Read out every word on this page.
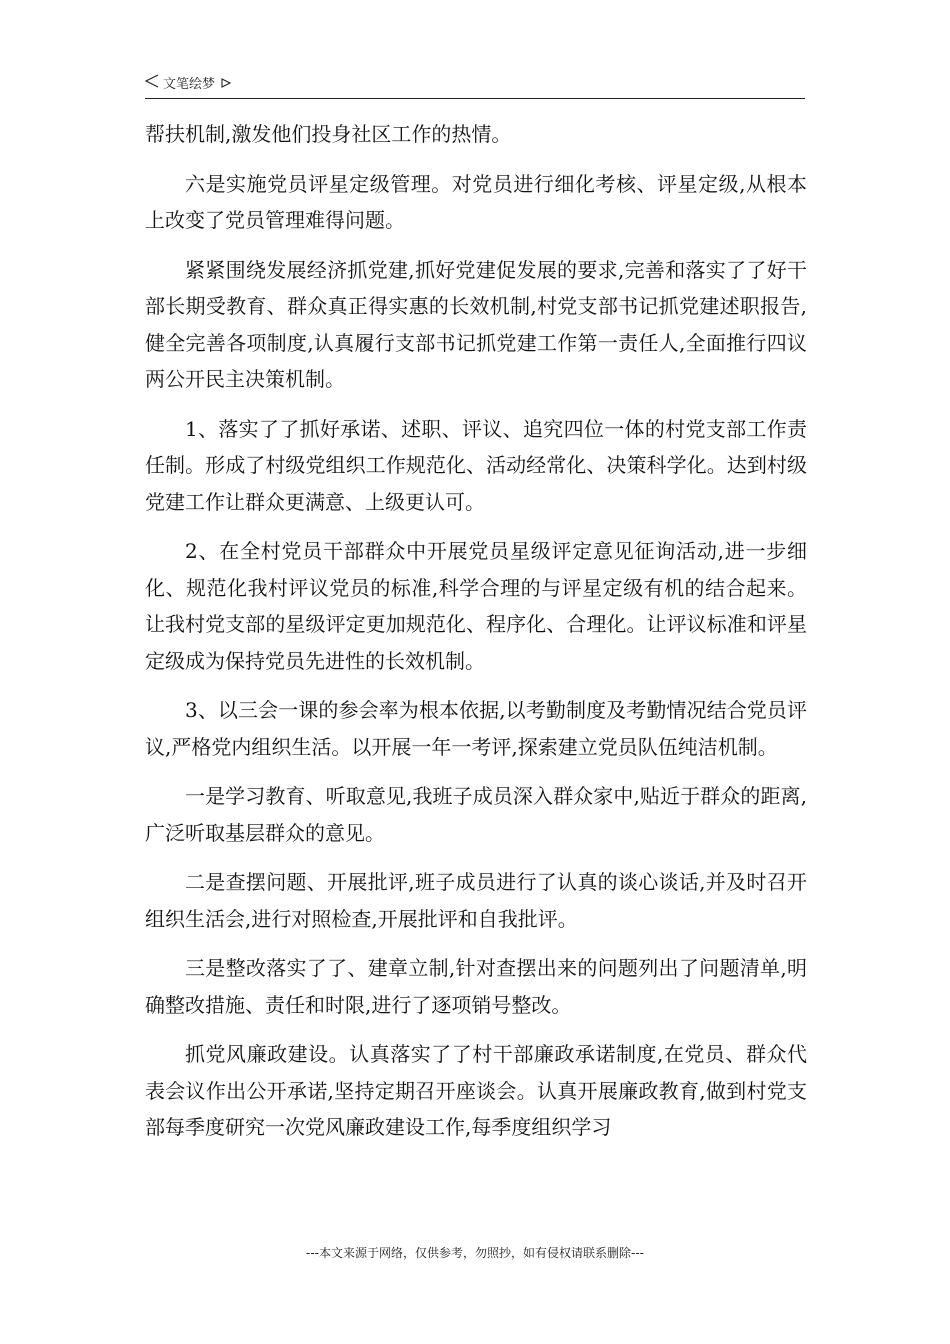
文笔绘梦

帮扶机制,激发他们投身社区工作的热情。

六是实施党员评星定级管理。对党员进行细化考核、评星定级,从根本上改变了党员管理难得问题。

紧紧围绕发展经济抓党建,抓好党建促发展的要求,完善和落实了了好干部长期受教育、群众真正得实惠的长效机制,村党支部书记抓党建述职报告,健全完善各项制度,认真履行支部书记抓党建工作第一责任人,全面推行四议两公开民主决策机制。

1、落实了了抓好承诺、述职、评议、追究四位一体的村党支部工作责任制。形成了村级党组织工作规范化、活动经常化、决策科学化。达到村级党建工作让群众更满意、上级更认可。

2、在全村党员干部群众中开展党员星级评定意见征询活动,进一步细化、规范化我村评议党员的标准,科学合理的与评星定级有机的结合起来。让我村党支部的星级评定更加规范化、程序化、合理化。让评议标准和评星定级成为保持党员先进性的长效机制。

3、以三会一课的参会率为根本依据,以考勤制度及考勤情况结合党员评议,严格党内组织生活。以开展一年一考评,探索建立党员队伍纯洁机制。

一是学习教育、听取意见,我班子成员深入群众家中,贴近于群众的距离,广泛听取基层群众的意见。

二是查摆问题、开展批评,班子成员进行了认真的谈心谈话,并及时召开组织生活会,进行对照检查,开展批评和自我批评。

三是整改落实了了、建章立制,针对查摆出来的问题列出了问题清单,明确整改措施、责任和时限,进行了逐项销号整改。

抓党风廉政建设。认真落实了了村干部廉政承诺制度,在党员、群众代表会议作出公开承诺,坚持定期召开座谈会。认真开展廉政教育,做到村党支部每季度研究一次党风廉政建设工作,每季度组织学习

---本文来源于网络，仅供参考，勿照抄，如有侵权请联系删除---
